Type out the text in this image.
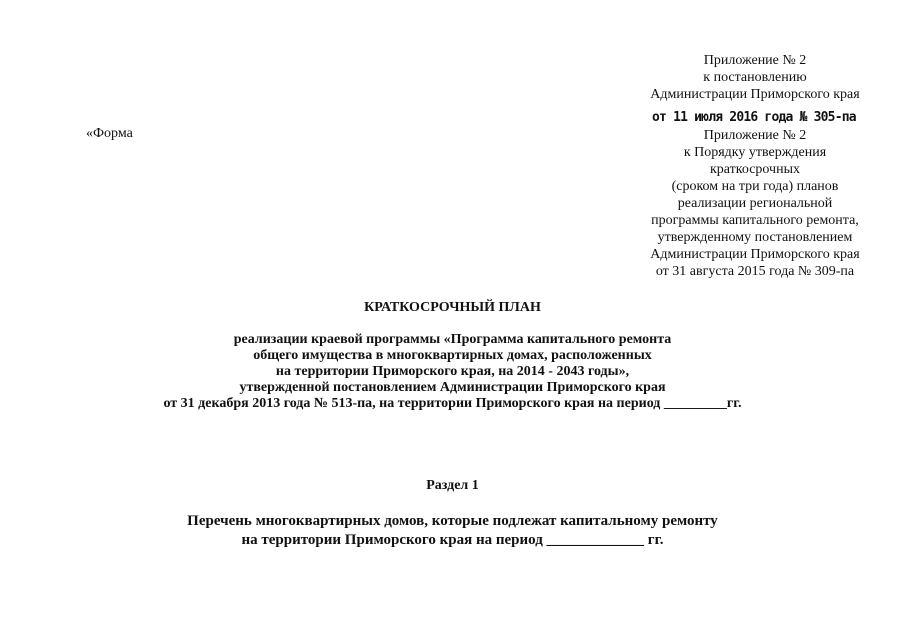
Приложение № 2
к постановлению
Администрации Приморского края
от 11 июля 2016 года № 305-па
Приложение № 2
к Порядку утверждения
краткосрочных
(сроком на три года) планов
реализации региональной
программы капитального ремонта,
утвержденному постановлением
Администрации Приморского края
от 31 августа 2015 года № 309-па
«Форма
КРАТКОСРОЧНЫЙ ПЛАН
реализации краевой программы «Программа капитального ремонта
общего имущества в многоквартирных домах, расположенных
на территории Приморского края, на 2014 - 2043 годы»,
утвержденной постановлением Администрации Приморского края
от 31 декабря 2013 года № 513-па, на территории Приморского края на период _________гг.
Раздел 1
Перечень многоквартирных домов, которые подлежат капитальному ремонту
на территории Приморского края на период _____________ гг.
